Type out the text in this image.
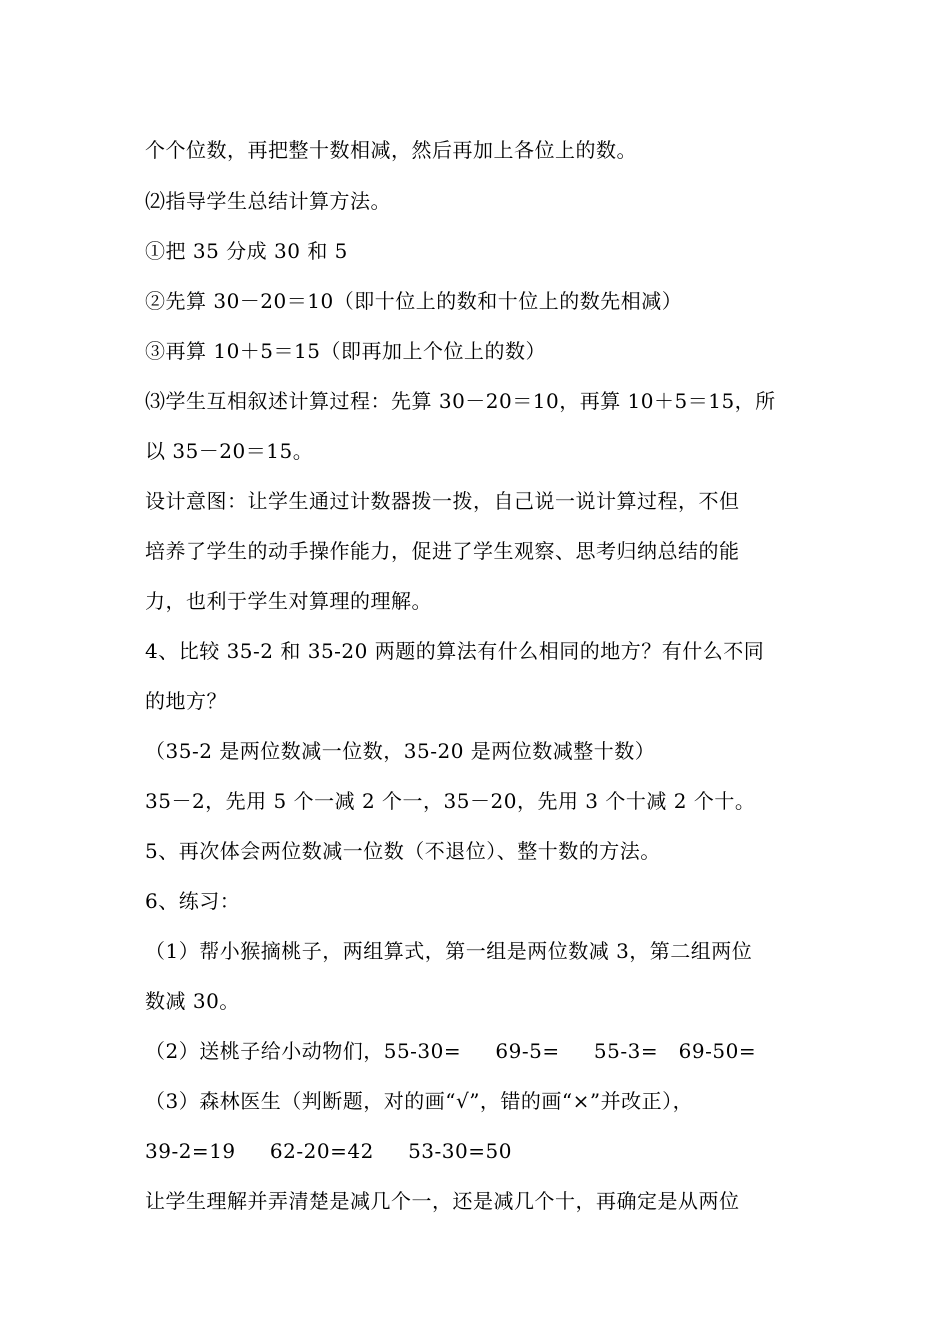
个个位数，再把整十数相减，然后再加上各位上的数。
⑵指导学生总结计算方法。
①把 35 分成 30 和 5
②先算 30－20＝10（即十位上的数和十位上的数先相减）
③再算 10＋5＝15（即再加上个位上的数）
⑶学生互相叙述计算过程：先算 30－20＝10，再算 10＋5＝15，所
以 35－20＝15。
设计意图：让学生通过计数器拨一拨，自己说一说计算过程，不但
培养了学生的动手操作能力，促进了学生观察、思考归纳总结的能
力，也利于学生对算理的理解。
4、比较 35-2 和 35-20 两题的算法有什么相同的地方？有什么不同
的地方？
（35-2 是两位数减一位数，35-20 是两位数减整十数）
35－2，先用 5 个一减 2 个一，35－20，先用 3 个十减 2 个十。
5、再次体会两位数减一位数（不退位）、整十数的方法。
6、练习：
（1）帮小猴摘桃子，两组算式，第一组是两位数减 3，第二组两位
数减 30。
（2）送桃子给小动物们，55-30=     69-5=     55-3=   69-50=
（3）森林医生（判断题，对的画“√”，错的画“×”并改正），
39-2=19     62-20=42     53-30=50
让学生理解并弄清楚是减几个一，还是减几个十，再确定是从两位
